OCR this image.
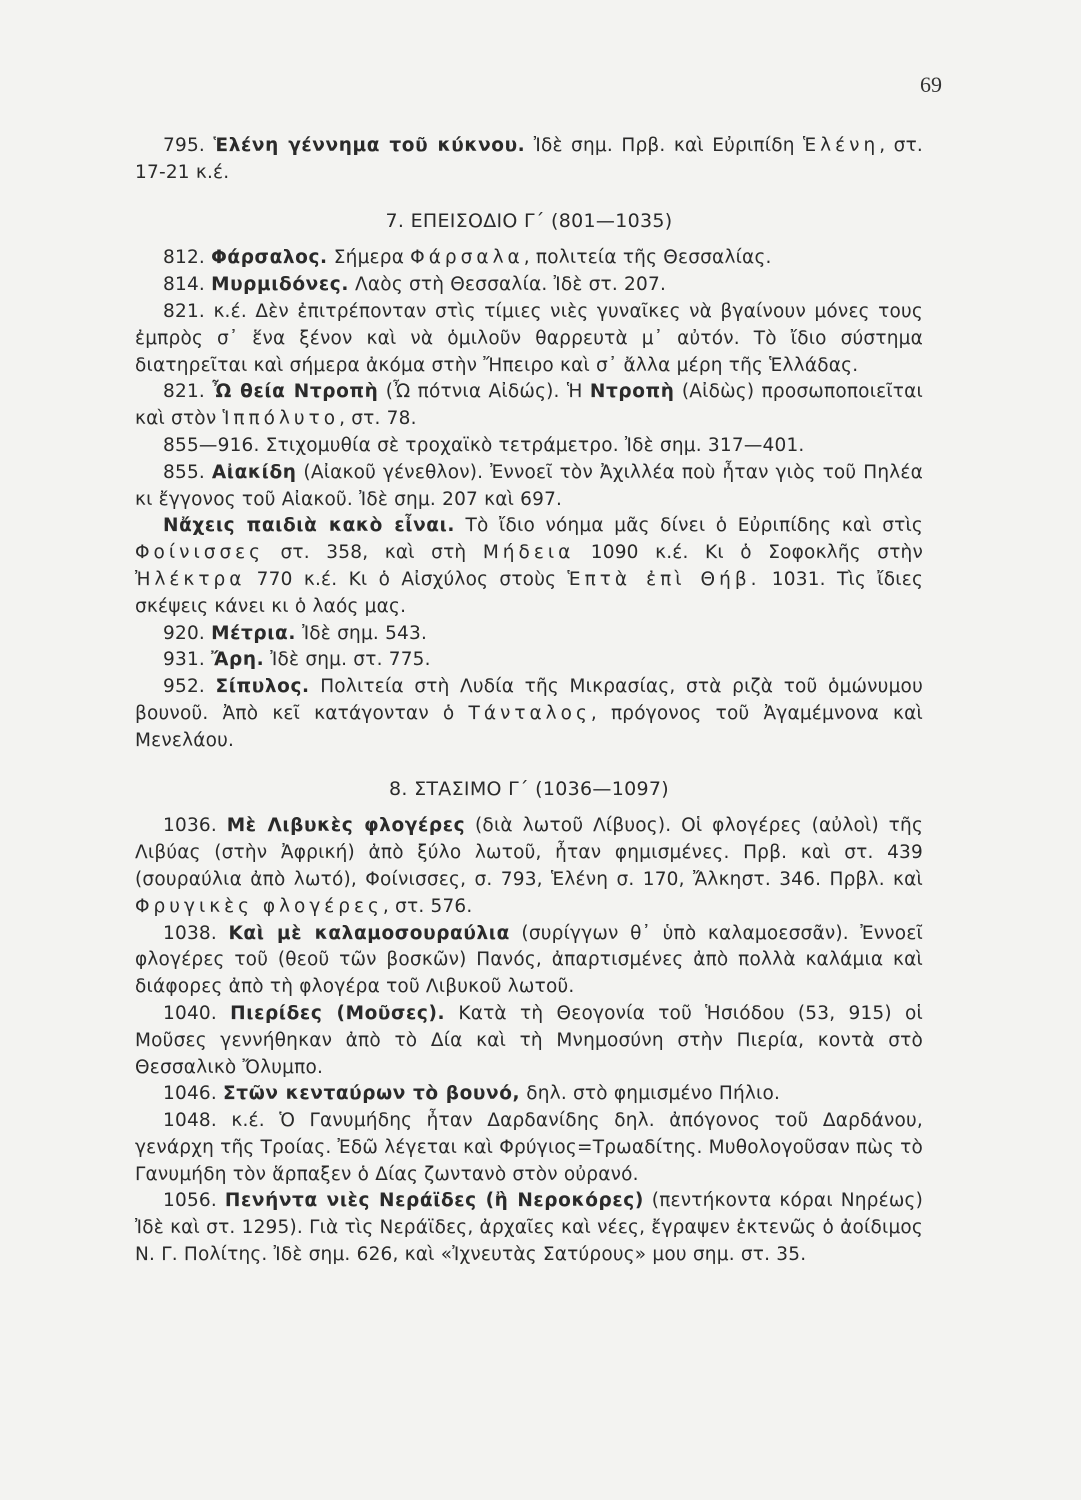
69

795. Ἑλένη γέννημα τοῦ κύκνου. Ἰδὲ σημ. Πρβ. καὶ Εὐριπίδη Ἑλένη, στ. 17-21 κ.έ.

7. ΕΠΕΙΣΟΔΙΟ Γ΄ (801—1035)

812. Φάρσαλος. Σήμερα Φάρσαλα, πολιτεία τῆς Θεσσαλίας.

814. Μυρμιδόνες. Λαὸς στὴ Θεσσαλία. Ἰδὲ στ. 207.

821. κ.έ. Δὲν ἐπιτρέπονταν στὶς τίμιες νιὲς γυναῖκες νὰ βγαίνουν μόνες τους ἐμπρὸς σ᾿ ἕνα ξένον καὶ νὰ ὁμιλοῦν θαρρευτὰ μ᾿ αὐτόν. Τὸ ἴδιο σύστημα διατηρεῖται καὶ σήμερα ἀκόμα στὴν Ἤπειρο καὶ σ᾿ ἄλλα μέρη τῆς Ἑλλάδας.

821. Ὦ θεία Ντροπὴ (Ὦ πότνια Αἰδώς). Ἡ Ντροπὴ (Αἰδὼς) προσωποποιεῖται καὶ στὸν Ἱππόλυτο, στ. 78.

855—916. Στιχομυθία σὲ τροχαϊκὸ τετράμετρο. Ἰδὲ σημ. 317—401.

855. Αἰακίδη (Αἰακοῦ γένεθλον). Ἐννοεῖ τὸν Ἀχιλλέα ποὺ ἦταν γιὸς τοῦ Πηλέα κι ἔγγονος τοῦ Αἰακοῦ. Ἰδὲ σημ. 207 καὶ 697.

Νἄχεις παιδιὰ κακὸ εἶναι. Τὸ ἴδιο νόημα μᾶς δίνει ὁ Εὐριπίδης καὶ στὶς Φοίνισσες στ. 358, καὶ στὴ Μήδεια 1090 κ.έ. Κι ὁ Σοφοκλῆς στὴν Ἠλέκτρα 770 κ.έ. Κι ὁ Αἰσχύλος στοὺς Ἑπτὰ ἐπὶ Θήβ. 1031. Τὶς ἴδιες σκέψεις κάνει κι ὁ λαός μας.

920. Μέτρια. Ἰδὲ σημ. 543.

931. Ἄρη. Ἰδὲ σημ. στ. 775.

952. Σίπυλος. Πολιτεία στὴ Λυδία τῆς Μικρασίας, στὰ ριζὰ τοῦ ὁμώνυμου βουνοῦ. Ἀπὸ κεῖ κατάγονταν ὁ Τάνταλος, πρόγονος τοῦ Ἀγαμέμνονα καὶ Μενελάου.

8. ΣΤΑΣΙΜΟ Γ΄ (1036—1097)

1036. Μὲ Λιβυκὲς φλογέρες (διὰ λωτοῦ Λίβυος). Οἱ φλογέρες (αὐλοὶ) τῆς Λιβύας (στὴν Ἀφρική) ἀπὸ ξύλο λωτοῦ, ἦταν φημισμένες. Πρβ. καὶ στ. 439 (σουραύλια ἀπὸ λωτό), Φοίνισσες, σ. 793, Ἑλένη σ. 170, Ἄλκηστ. 346. Πρβλ. καὶ Φρυγικὲς φλογέρες, στ. 576.

1038. Καὶ μὲ καλαμοσουραύλια (συρίγγων θ᾿ ὑπὸ καλαμοεσσᾶν). Ἐννοεῖ φλογέρες τοῦ (θεοῦ τῶν βοσκῶν) Πανός, ἀπαρτισμένες ἀπὸ πολλὰ καλάμια καὶ διάφορες ἀπὸ τὴ φλογέρα τοῦ Λιβυκοῦ λωτοῦ.

1040. Πιερίδες (Μοῦσες). Κατὰ τὴ Θεογονία τοῦ Ἡσιόδου (53, 915) οἱ Μοῦσες γεννήθηκαν ἀπὸ τὸ Δία καὶ τὴ Μνημοσύνη στὴν Πιερία, κοντὰ στὸ Θεσσαλικὸ Ὄλυμπο.

1046. Στῶν κενταύρων τὸ βουνό, δηλ. στὸ φημισμένο Πήλιο.

1048. κ.έ. Ὁ Γανυμήδης ἦταν Δαρδανίδης δηλ. ἀπόγονος τοῦ Δαρδάνου, γενάρχη τῆς Τροίας. Ἐδῶ λέγεται καὶ Φρύγιος=Τρωαδίτης. Μυθολογοῦσαν πὼς τὸ Γανυμήδη τὸν ἅρπαξεν ὁ Δίας ζωντανὸ στὸν οὐρανό.

1056. Πενήντα νιὲς Νεράϊδες (ἢ Νεροκόρες) (πεντήκοντα κόραι Νηρέως) Ἰδὲ καὶ στ. 1295). Γιὰ τὶς Νεράϊδες, ἀρχαῖες καὶ νέες, ἔγραψεν ἐκτενῶς ὁ ἀοίδιμος Ν. Γ. Πολίτης. Ἰδὲ σημ. 626, καὶ «Ἰχνευτὰς Σατύρους» μου σημ. στ. 35.
